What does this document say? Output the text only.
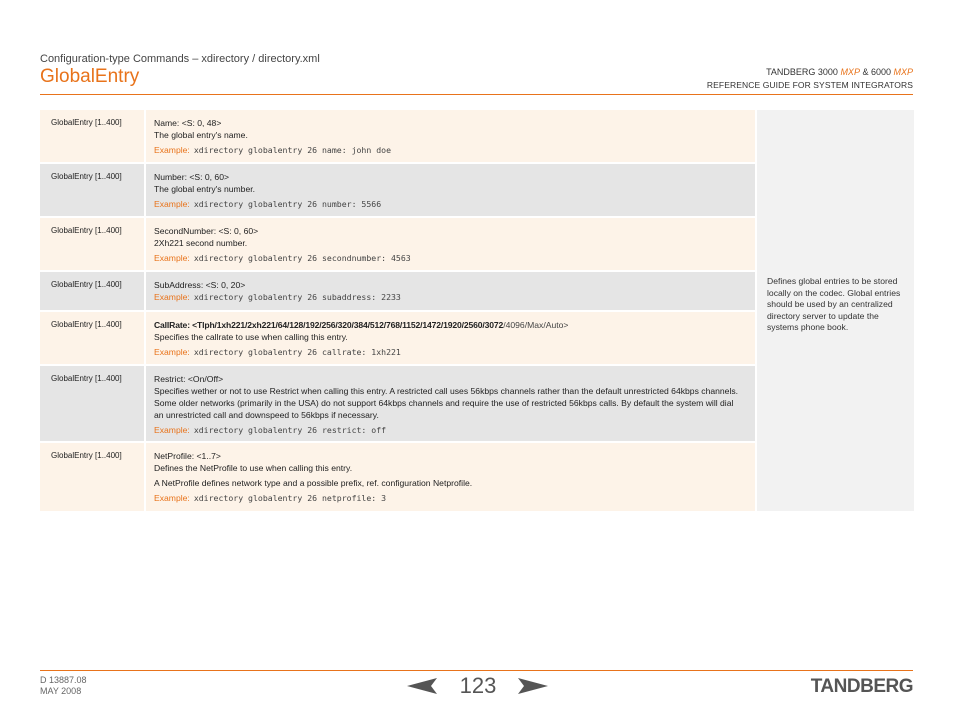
Configuration-type Commands – xdirectory / directory.xml
GlobalEntry	TANDBERG 3000 MXP & 6000 MXP
REFERENCE GUIDE FOR SYSTEM INTEGRATORS
GlobalEntry [1..400]	Name: <S: 0, 48>
The global entry's name.
Example: xdirectory globalentry 26 name: john doe
GlobalEntry [1..400]	Number: <S: 0, 60>
The global entry's number.
Example: xdirectory globalentry 26 number: 5566
GlobalEntry [1..400]	SecondNumber: <S: 0, 60>
2Xh221 second number.
Example: xdirectory globalentry 26 secondnumber: 4563
GlobalEntry [1..400]	SubAddress: <S: 0, 20>
Example: xdirectory globalentry 26 subaddress: 2233
GlobalEntry [1..400]	CallRate: <Tlph/1xh221/2xh221/64/128/192/256/320/384/512/768/1152/1472/1920/2560/3072/4096/Max/Auto>
Specifies the callrate to use when calling this entry.
Example: xdirectory globalentry 26 callrate: 1xh221
GlobalEntry [1..400]	Restrict: <On/Off>
Specifies wether or not to use Restrict when calling this entry. A restricted call uses 56kbps channels rather than the default unrestricted 64kbps channels. Some older networks (primarily in the USA) do not support 64kbps channels and require the use of restricted 56kbps calls. By default the system will dial an unrestricted call and downspeed to 56kbps if necessary.
Example: xdirectory globalentry 26 restrict: off
GlobalEntry [1..400]	NetProfile: <1..7>
Defines the NetProfile to use when calling this entry.
A NetProfile defines network type and a possible prefix, ref. configuration Netprofile.
Example: xdirectory globalentry 26 netprofile: 3
Defines global entries to be stored locally on the codec. Global entries should be used by an centralized directory server to update the systems phone book.
D 13887.08
MAY 2008	123	TANDBERG
